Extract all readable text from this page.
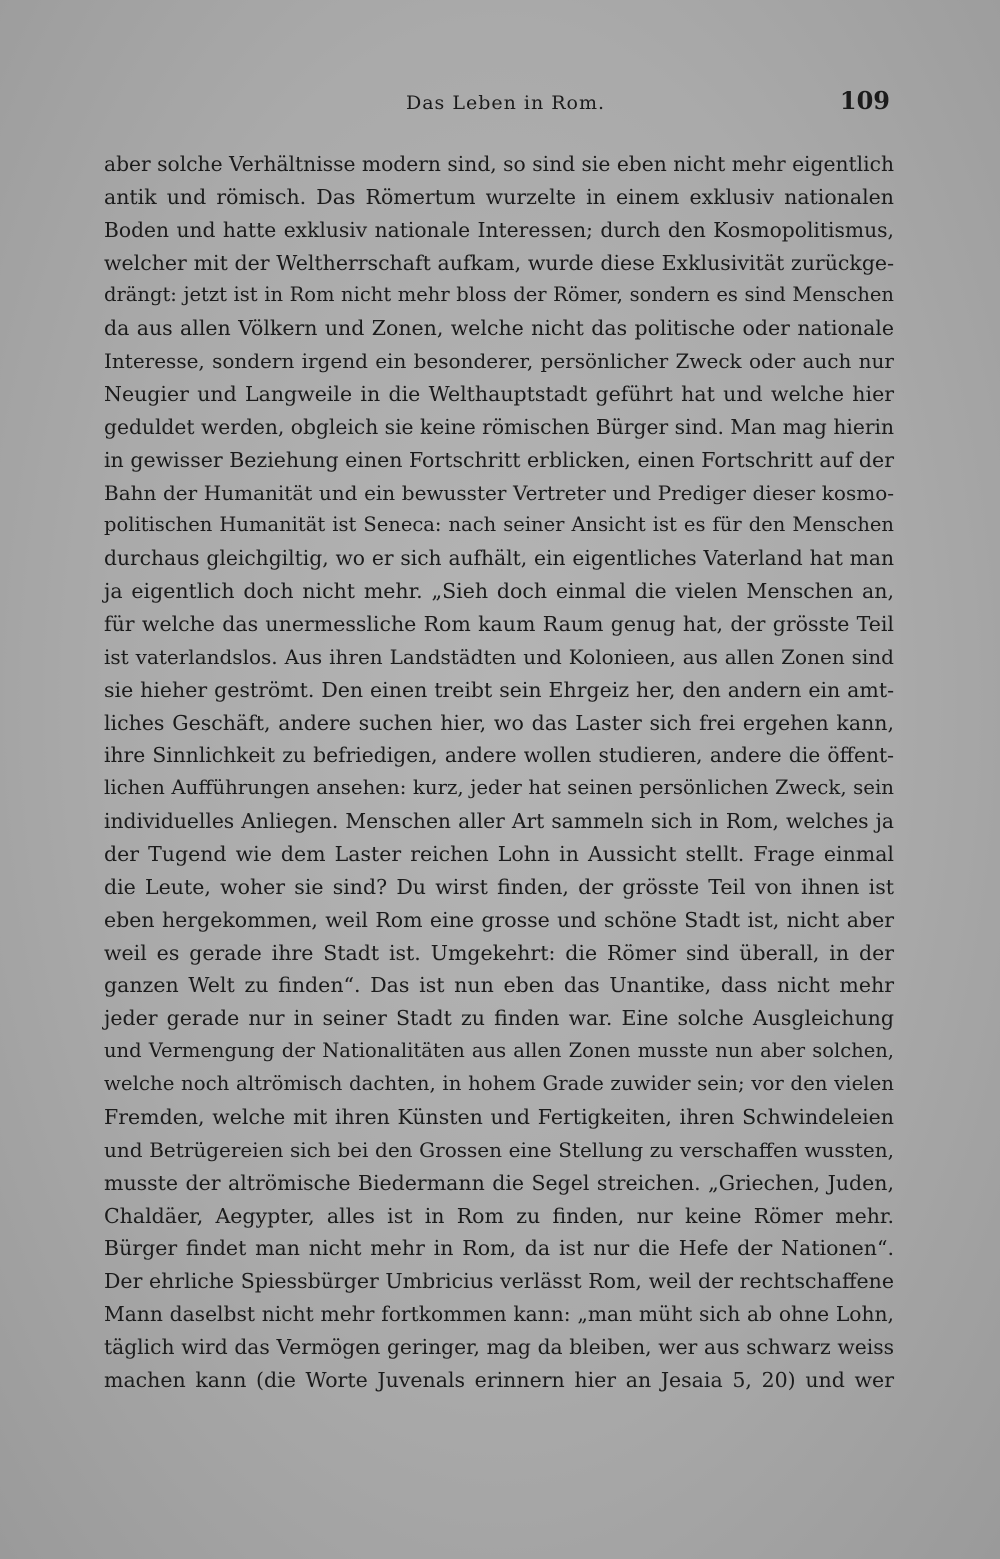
Das Leben in Rom.	109
aber solche Verhältnisse modern sind, so sind sie eben nicht mehr eigentlich
antik und römisch. Das Römertum wurzelte in einem exklusiv nationalen
Boden und hatte exklusiv nationale Interessen; durch den Kosmopolitismus,
welcher mit der Weltherrschaft aufkam, wurde diese Exklusivität zurückge-
drängt: jetzt ist in Rom nicht mehr bloss der Römer, sondern es sind Menschen
da aus allen Völkern und Zonen, welche nicht das politische oder nationale
Interesse, sondern irgend ein besonderer, persönlicher Zweck oder auch nur
Neugier und Langweile in die Welthauptstadt geführt hat und welche hier
geduldet werden, obgleich sie keine römischen Bürger sind. Man mag hierin
in gewisser Beziehung einen Fortschritt erblicken, einen Fortschritt auf der
Bahn der Humanität und ein bewusster Vertreter und Prediger dieser kosmo-
politischen Humanität ist Seneca: nach seiner Ansicht ist es für den Menschen
durchaus gleichgiltig, wo er sich aufhält, ein eigentliches Vaterland hat man
ja eigentlich doch nicht mehr. „Sieh doch einmal die vielen Menschen an,
für welche das unermessliche Rom kaum Raum genug hat, der grösste Teil
ist vaterlandslos. Aus ihren Landstädten und Kolonieen, aus allen Zonen sind
sie hieher geströmt. Den einen treibt sein Ehrgeiz her, den andern ein amt-
liches Geschäft, andere suchen hier, wo das Laster sich frei ergehen kann,
ihre Sinnlichkeit zu befriedigen, andere wollen studieren, andere die öffent-
lichen Aufführungen ansehen: kurz, jeder hat seinen persönlichen Zweck, sein
individuelles Anliegen. Menschen aller Art sammeln sich in Rom, welches ja
der Tugend wie dem Laster reichen Lohn in Aussicht stellt. Frage einmal
die Leute, woher sie sind? Du wirst finden, der grösste Teil von ihnen ist
eben hergekommen, weil Rom eine grosse und schöne Stadt ist, nicht aber
weil es gerade ihre Stadt ist. Umgekehrt: die Römer sind überall, in der
ganzen Welt zu finden“. Das ist nun eben das Unantike, dass nicht mehr
jeder gerade nur in seiner Stadt zu finden war. Eine solche Ausgleichung
und Vermengung der Nationalitäten aus allen Zonen musste nun aber solchen,
welche noch altrömisch dachten, in hohem Grade zuwider sein; vor den vielen
Fremden, welche mit ihren Künsten und Fertigkeiten, ihren Schwindeleien
und Betrügereien sich bei den Grossen eine Stellung zu verschaffen wussten,
musste der altrömische Biedermann die Segel streichen. „Griechen, Juden,
Chaldäer, Aegypter, alles ist in Rom zu finden, nur keine Römer mehr.
Bürger findet man nicht mehr in Rom, da ist nur die Hefe der Nationen“.
Der ehrliche Spiessbürger Umbricius verlässt Rom, weil der rechtschaffene
Mann daselbst nicht mehr fortkommen kann: „man müht sich ab ohne Lohn,
täglich wird das Vermögen geringer, mag da bleiben, wer aus schwarz weiss
machen kann (die Worte Juvenals erinnern hier an Jesaia 5, 20) und wer
